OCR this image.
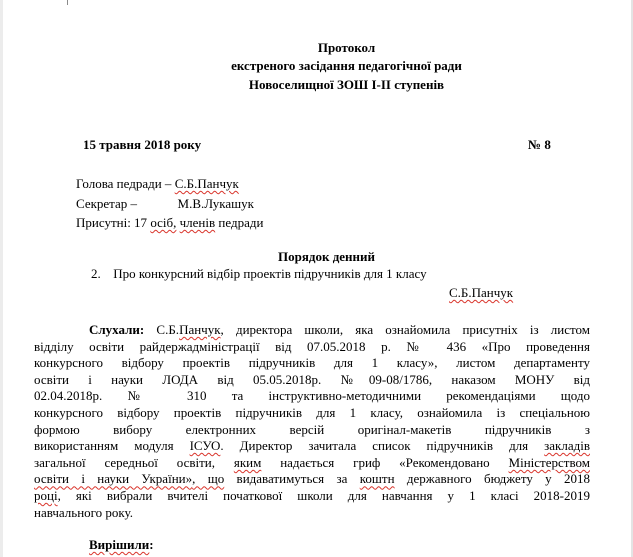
Протокол
екстреного засідання педагогічної ради
Новоселищної ЗОШ I-II ступенів
15 травня 2018 року	№ 8
Голова педради – С.Б.Панчук
Секретар –	М.В.Лукашук
Присутні: 17 осіб, членів педради
Порядок денний
2. Про конкурсний відбір проектів підручників для 1 класу
С.Б.Панчук
Слухали: С.Б.Панчук, директора школи, яка ознайомила присутніх із листом
відділу освіти райдержадміністрації від 07.05.2018 р. № 436 «Про проведення
конкурсного відбору проектів підручників для 1 класу», листом департаменту
освіти і науки ЛОДА від 05.05.2018р. №09-08/1786, наказом МОНУ від
02.04.2018р. № 310 та інструктивно-методичними рекомендаціями щодо
конкурсного відбору проектів підручників для 1 класу, ознайомила із спеціальною
формою вибору електронних версій оригінал-макетів підручників з
використанням модуля ІСУО. Директор зачитала список підручників для закладів
загальної середньої освіти, яким надається гриф «Рекомендовано Міністерством
освіти і науки України», що видаватимуться за коштн державного бюджету у 2018
році, які вибрали вчителі початкової школи для навчання у 1 класі 2018-2019
навчального року.
Вирішили:
